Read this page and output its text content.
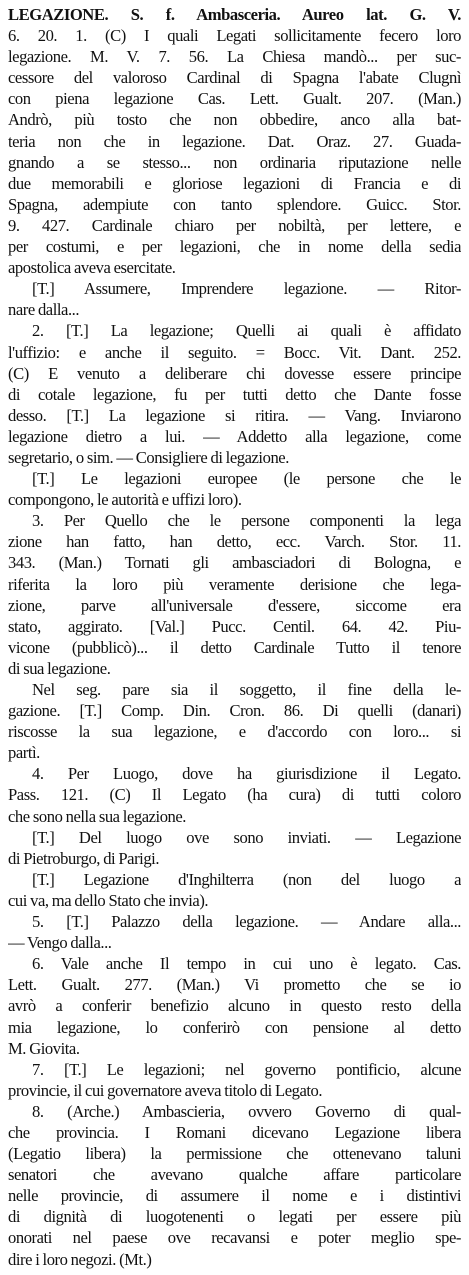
LEGAZIONE. S. f. Ambasceria. Aureo lat. G. V.
6. 20. 1. (C) I quali Legati sollicitamente fecero loro
legazione. M. V. 7. 56. La Chiesa mandò... per suc-
cessore del valoroso Cardinal di Spagna l'abate Clugnì
con piena legazione Cas. Lett. Gualt. 207. (Man.)
Andrò, più tosto che non obbedire, anco alla bat-
teria non che in legazione. Dat. Oraz. 27. Guada-
gnando a se stesso... non ordinaria riputazione nelle
due memorabili e gloriose legazioni di Francia e di
Spagna, adempiute con tanto splendore. Guicc. Stor.
9. 427. Cardinale chiaro per nobiltà, per lettere, e
per costumi, e per legazioni, che in nome della sedia
apostolica aveva esercitate.
[T.] Assumere, Imprendere legazione. — Ritor-
nare dalla...
2. [T.] La legazione; Quelli ai quali è affidato
l'uffizio: e anche il seguito. = Bocc. Vit. Dant. 252.
(C) E venuto a deliberare chi dovesse essere principe
di cotale legazione, fu per tutti detto che Dante fosse
desso. [T.] La legazione si ritira. — Vang. Inviarono
legazione dietro a lui. — Addetto alla legazione, come
segretario, o sim. — Consigliere di legazione.
[T.] Le legazioni europee (le persone che le
compongono, le autorità e uffizi loro).
3. Per Quello che le persone componenti la lega
zione han fatto, han detto, ecc. Varch. Stor. 11.
343. (Man.) Tornati gli ambasciadori di Bologna, e
riferita la loro più veramente derisione che lega-
zione, parve all'universale d'essere, siccome era
stato, aggirato. [Val.] Pucc. Centil. 64. 42. Piu-
vicone (pubblicò)... il detto Cardinale Tutto il tenore
di sua legazione.
Nel seg. pare sia il soggetto, il fine della le-
gazione. [T.] Comp. Din. Cron. 86. Di quelli (danari)
riscosse la sua legazione, e d'accordo con loro... si
partì.
4. Per Luogo, dove ha giurisdizione il Legato.
Pass. 121. (C) Il Legato (ha cura) di tutti coloro
che sono nella sua legazione.
[T.] Del luogo ove sono inviati. — Legazione
di Pietroburgo, di Parigi.
[T.] Legazione d'Inghilterra (non del luogo a
cui va, ma dello Stato che invia).
5. [T.] Palazzo della legazione. — Andare alla...
— Vengo dalla...
6. Vale anche Il tempo in cui uno è legato. Cas.
Lett. Gualt. 277. (Man.) Vi prometto che se io
avrò a conferir benefizio alcuno in questo resto della
mia legazione, lo conferirò con pensione al detto
M. Giovita.
7. [T.] Le legazioni; nel governo pontificio, alcune
provincie, il cui governatore aveva titolo di Legato.
8. (Arche.) Ambascieria, ovvero Governo di qual-
che provincia. I Romani dicevano Legazione libera
(Legatio libera) la permissione che ottenevano taluni
senatori che avevano qualche affare particolare
nelle provincie, di assumere il nome e i distintivi
di dignità di luogotenenti o legati per essere più
onorati nel paese ove recavansi e poter meglio spe-
dire i loro negozi. (Mt.)
